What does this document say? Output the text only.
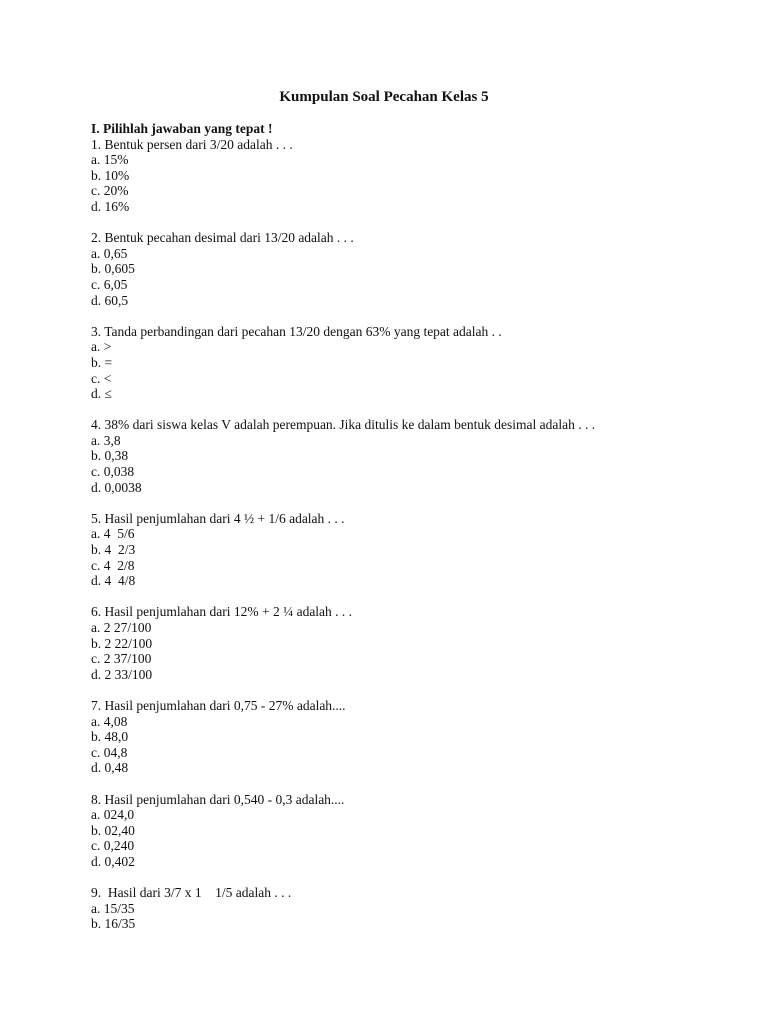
Kumpulan Soal Pecahan Kelas 5
I. Pilihlah jawaban yang tepat !
1. Bentuk persen dari 3/20 adalah . . .
a. 15%
b. 10%
c. 20%
d. 16%
2. Bentuk pecahan desimal dari 13/20 adalah . . .
a. 0,65
b. 0,605
c. 6,05
d. 60,5
3. Tanda perbandingan dari pecahan 13/20 dengan 63% yang tepat adalah . .
a. >
b. =
c. <
d. ≤
4. 38% dari siswa kelas V adalah perempuan. Jika ditulis ke dalam bentuk desimal adalah . . .
a. 3,8
b. 0,38
c. 0,038
d. 0,0038
5. Hasil penjumlahan dari 4 ½ + 1/6 adalah . . .
a. 4  5/6
b. 4  2/3
c. 4  2/8
d. 4  4/8
6. Hasil penjumlahan dari 12% + 2 ¼ adalah . . .
a. 2 27/100
b. 2 22/100
c. 2 37/100
d. 2 33/100
7. Hasil penjumlahan dari 0,75 - 27% adalah....
a. 4,08
b. 48,0
c. 04,8
d. 0,48
8. Hasil penjumlahan dari 0,540 - 0,3 adalah....
a. 024,0
b. 02,40
c. 0,240
d. 0,402
9.  Hasil dari 3/7 x 1    1/5 adalah . . .
a. 15/35
b. 16/35
